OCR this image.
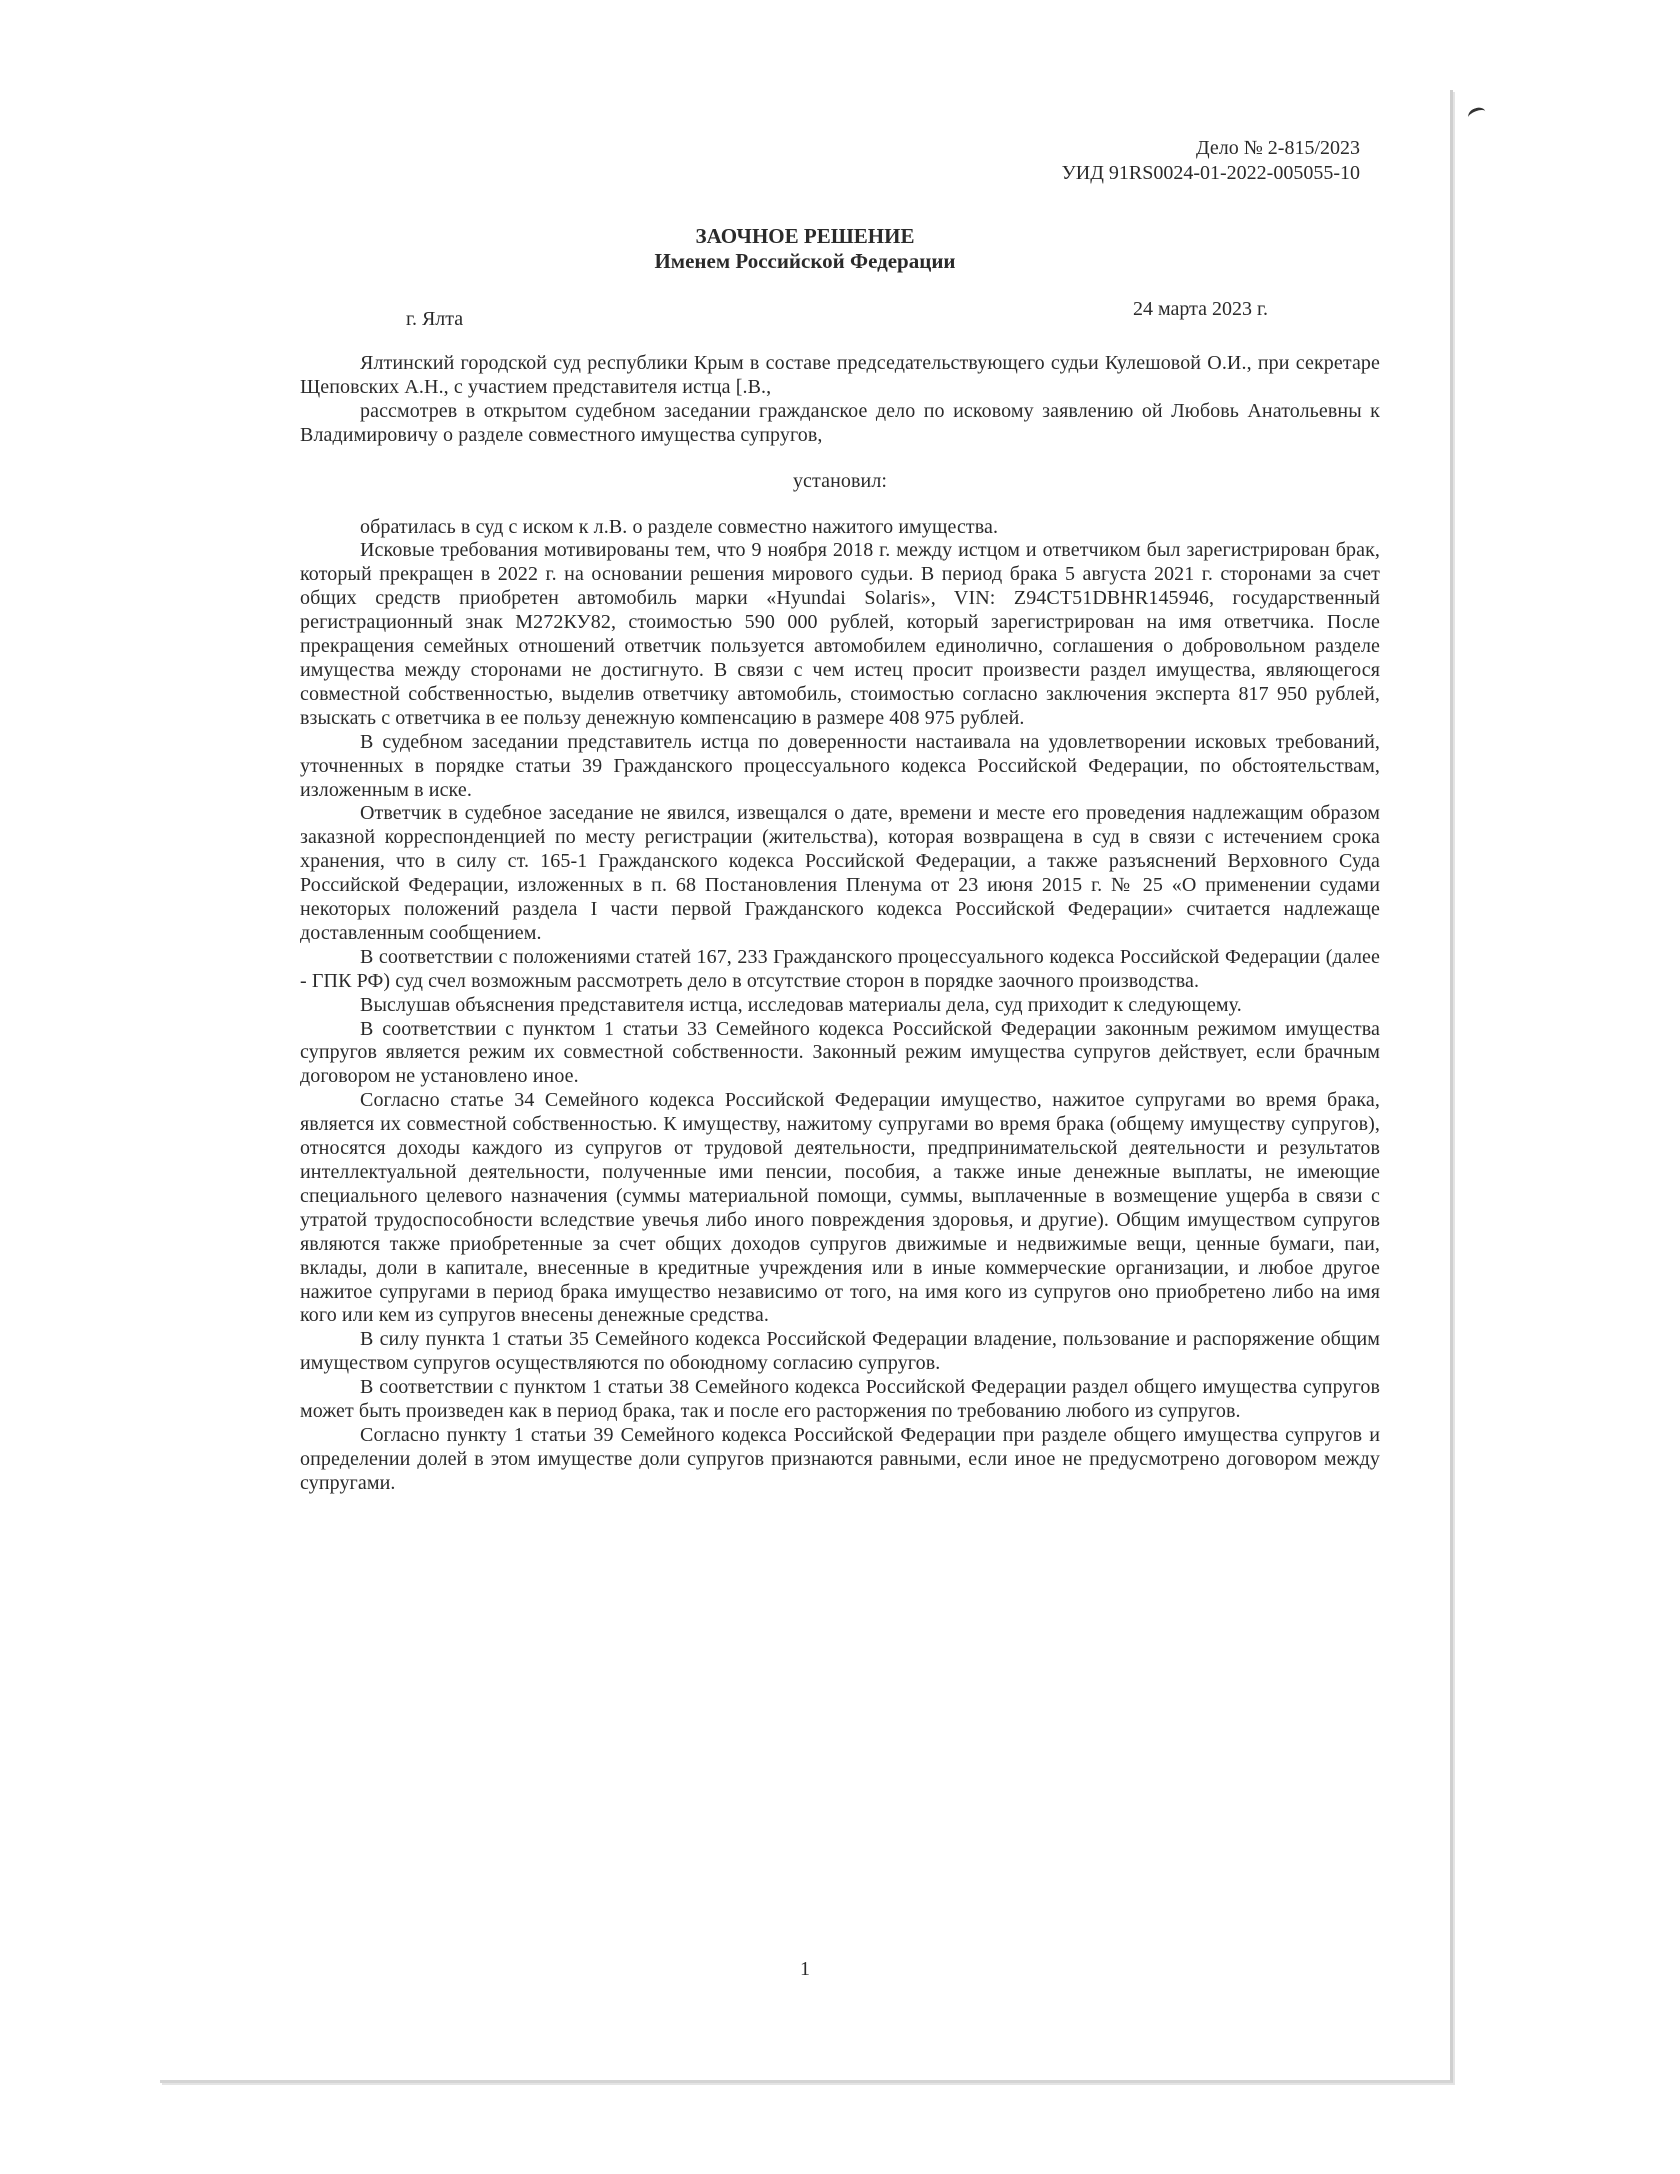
Дело № 2-815/2023
УИД 91RS0024-01-2022-005055-10
ЗАОЧНОЕ РЕШЕНИЕ
Именем Российской Федерации
г. Ялта	24 марта 2023 г.

Ялтинский городской суд республики Крым в составе председательствующего судьи Кулешовой О.И., при секретаре Щеповских А.Н., с участием представителя истца [.В.,

рассмотрев в открытом судебном заседании гражданское дело по исковому заявлению ой Любовь Анатольевны к Владимировичу о разделе совместного имущества супругов,

установил:

обратилась в суд с иском к л.В. о разделе совместно нажитого имущества.

Исковые требования мотивированы тем, что 9 ноября 2018 г. между истцом и ответчиком был зарегистрирован брак, который прекращен в 2022 г. на основании решения мирового судьи. В период брака 5 августа 2021 г. сторонами за счет общих средств приобретен автомобиль марки «Hyundai Solaris», VIN: Z94CT51DBHR145946, государственный регистрационный знак М272КУ82, стоимостью 590 000 рублей, который зарегистрирован на имя ответчика. После прекращения семейных отношений ответчик пользуется автомобилем единолично, соглашения о добровольном разделе имущества между сторонами не достигнуто. В связи с чем истец просит произвести раздел имущества, являющегося совместной собственностью, выделив ответчику автомобиль, стоимостью согласно заключения эксперта 817 950 рублей, взыскать с ответчика в ее пользу денежную компенсацию в размере 408 975 рублей.

В судебном заседании представитель истца по доверенности настаивала на удовлетворении исковых требований, уточненных в порядке статьи 39 Гражданского процессуального кодекса Российской Федерации, по обстоятельствам, изложенным в иске.

Ответчик в судебное заседание не явился, извещался о дате, времени и месте его проведения надлежащим образом заказной корреспонденцией по месту регистрации (жительства), которая возвращена в суд в связи с истечением срока хранения, что в силу ст. 165-1 Гражданского кодекса Российской Федерации, а также разъяснений Верховного Суда Российской Федерации, изложенных в п. 68 Постановления Пленума от 23 июня 2015 г. № 25 «О применении судами некоторых положений раздела I части первой Гражданского кодекса Российской Федерации» считается надлежаще доставленным сообщением.

В соответствии с положениями статей 167, 233 Гражданского процессуального кодекса Российской Федерации (далее - ГПК РФ) суд счел возможным рассмотреть дело в отсутствие сторон в порядке заочного производства.

Выслушав объяснения представителя истца, исследовав материалы дела, суд приходит к следующему.

В соответствии с пунктом 1 статьи 33 Семейного кодекса Российской Федерации законным режимом имущества супругов является режим их совместной собственности. Законный режим имущества супругов действует, если брачным договором не установлено иное.

Согласно статье 34 Семейного кодекса Российской Федерации имущество, нажитое супругами во время брака, является их совместной собственностью. К имуществу, нажитому супругами во время брака (общему имуществу супругов), относятся доходы каждого из супругов от трудовой деятельности, предпринимательской деятельности и результатов интеллектуальной деятельности, полученные ими пенсии, пособия, а также иные денежные выплаты, не имеющие специального целевого назначения (суммы материальной помощи, суммы, выплаченные в возмещение ущерба в связи с утратой трудоспособности вследствие увечья либо иного повреждения здоровья, и другие). Общим имуществом супругов являются также приобретенные за счет общих доходов супругов движимые и недвижимые вещи, ценные бумаги, паи, вклады, доли в капитале, внесенные в кредитные учреждения или в иные коммерческие организации, и любое другое нажитое супругами в период брака имущество независимо от того, на имя кого из супругов оно приобретено либо на имя кого или кем из супругов внесены денежные средства.

В силу пункта 1 статьи 35 Семейного кодекса Российской Федерации владение, пользование и распоряжение общим имуществом супругов осуществляются по обоюдному согласию супругов.

В соответствии с пунктом 1 статьи 38 Семейного кодекса Российской Федерации раздел общего имущества супругов может быть произведен как в период брака, так и после его расторжения по требованию любого из супругов.

Согласно пункту 1 статьи 39 Семейного кодекса Российской Федерации при разделе общего имущества супругов и определении долей в этом имуществе доли супругов признаются равными, если иное не предусмотрено договором между супругами.

1
